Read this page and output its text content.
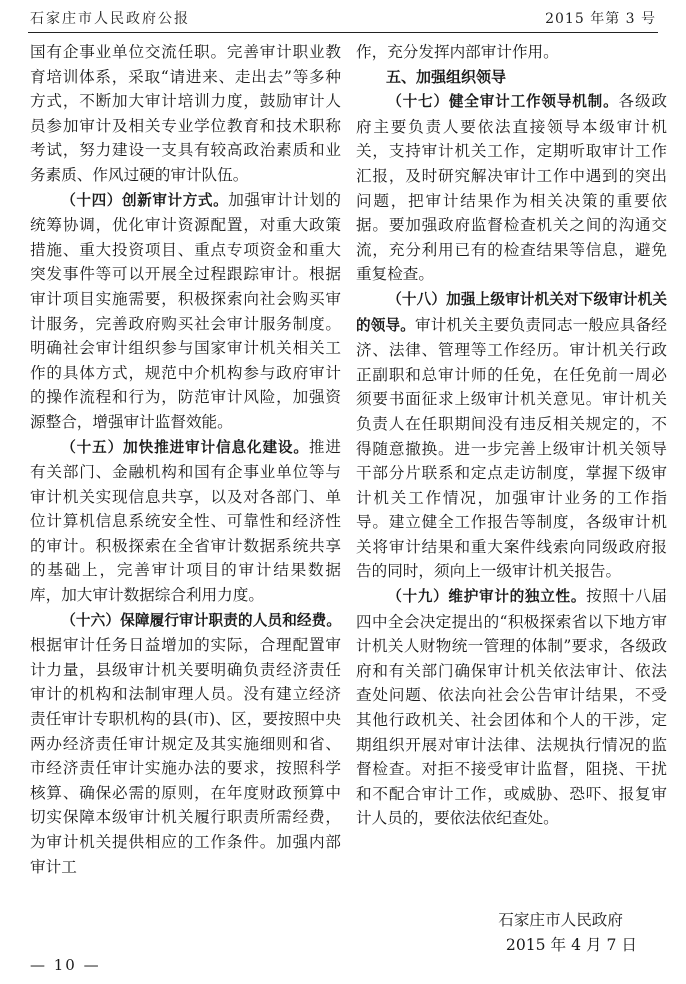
石家庄市人民政府公报	2015 年第 3 号

国有企事业单位交流任职。完善审计职业教育培训体系，采取“请进来、走出去”等多种方式，不断加大审计培训力度，鼓励审计人员参加审计及相关专业学位教育和技术职称考试，努力建设一支具有较高政治素质和业务素质、作风过硬的审计队伍。

（十四）创新审计方式。加强审计计划的统筹协调，优化审计资源配置，对重大政策措施、重大投资项目、重点专项资金和重大突发事件等可以开展全过程跟踪审计。根据审计项目实施需要，积极探索向社会购买审计服务，完善政府购买社会审计服务制度。明确社会审计组织参与国家审计机关相关工作的具体方式，规范中介机构参与政府审计的操作流程和行为，防范审计风险，加强资源整合，增强审计监督效能。

（十五）加快推进审计信息化建设。推进有关部门、金融机构和国有企事业单位等与审计机关实现信息共享，以及对各部门、单位计算机信息系统安全性、可靠性和经济性的审计。积极探索在全省审计数据系统共享的基础上，完善审计项目的审计结果数据库，加大审计数据综合利用力度。

（十六）保障履行审计职责的人员和经费。根据审计任务日益增加的实际，合理配置审计力量，县级审计机关要明确负责经济责任审计的机构和法制审理人员。没有建立经济责任审计专职机构的县(市)、区，要按照中央两办经济责任审计规定及其实施细则和省、市经济责任审计实施办法的要求，按照科学核算、确保必需的原则，在年度财政预算中切实保障本级审计机关履行职责所需经费，为审计机关提供相应的工作条件。加强内部审计工

作，充分发挥内部审计作用。

五、加强组织领导

（十七）健全审计工作领导机制。各级政府主要负责人要依法直接领导本级审计机关，支持审计机关工作，定期听取审计工作汇报，及时研究解决审计工作中遇到的突出问题，把审计结果作为相关决策的重要依据。要加强政府监督检查机关之间的沟通交流，充分利用已有的检查结果等信息，避免重复检查。

（十八）加强上级审计机关对下级审计机关的领导。审计机关主要负责同志一般应具备经济、法律、管理等工作经历。审计机关行政正副职和总审计师的任免，在任免前一周必须要书面征求上级审计机关意见。审计机关负责人在任职期间没有违反相关规定的，不得随意撤换。进一步完善上级审计机关领导干部分片联系和定点走访制度，掌握下级审计机关工作情况，加强审计业务的工作指导。建立健全工作报告等制度，各级审计机关将审计结果和重大案件线索向同级政府报告的同时，须向上一级审计机关报告。

（十九）维护审计的独立性。按照十八届四中全会决定提出的“积极探索省以下地方审计机关人财物统一管理的体制”要求，各级政府和有关部门确保审计机关依法审计、依法查处问题、依法向社会公告审计结果，不受其他行政机关、社会团体和个人的干涉，定期组织开展对审计法律、法规执行情况的监督检查。对拒不接受审计监督，阻挠、干扰和不配合审计工作，或威胁、恐吓、报复审计人员的，要依法依纪查处。

石家庄市人民政府
2015 年 4 月 7 日
— 10 —
